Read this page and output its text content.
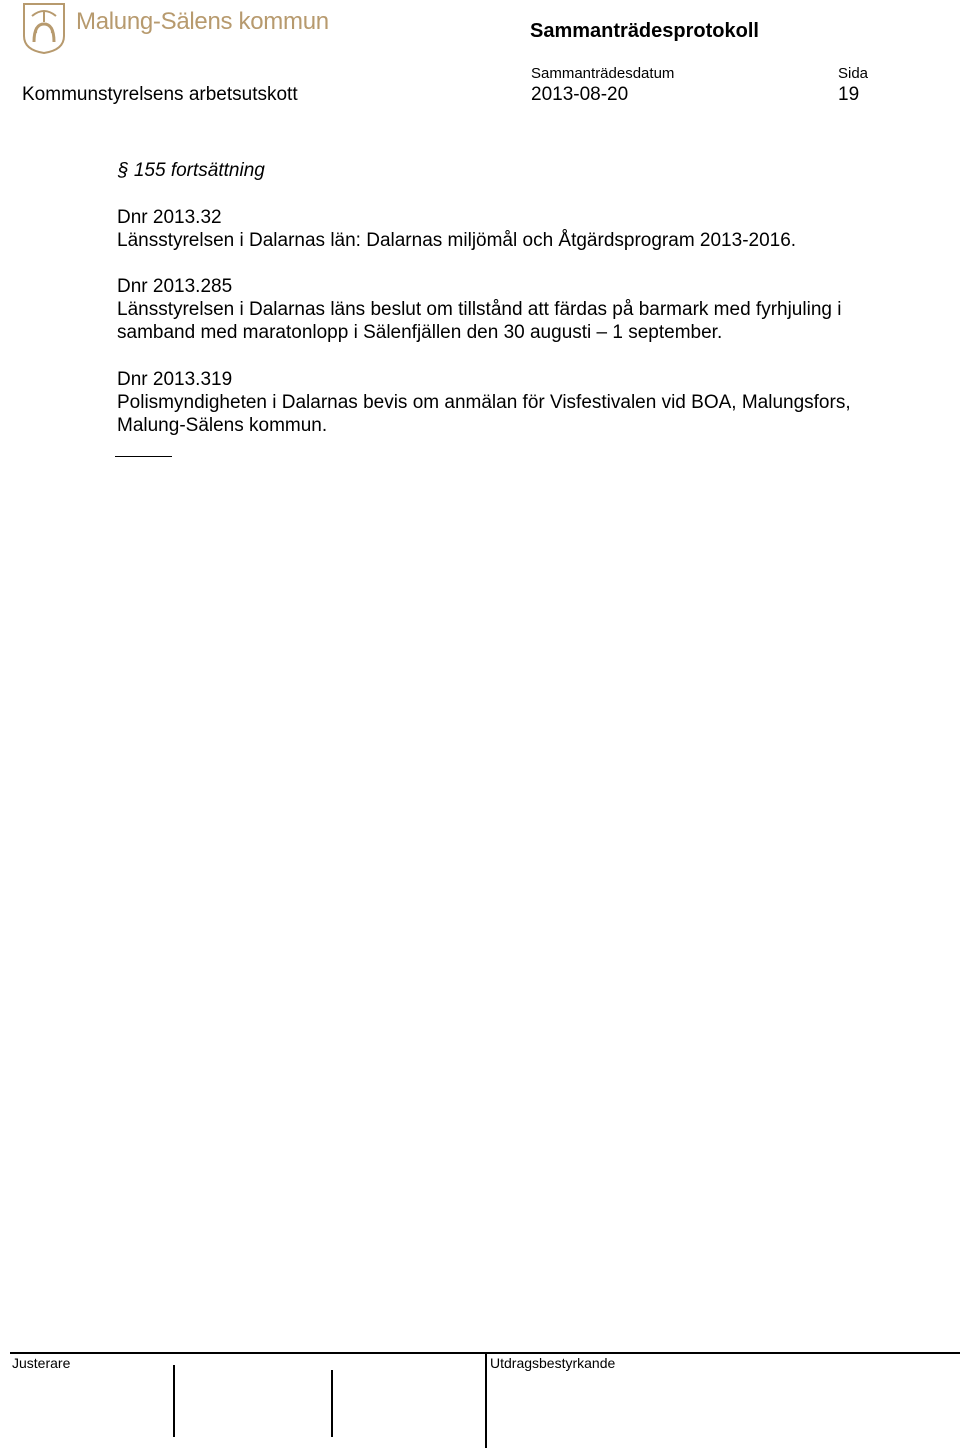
Malung-Sälens kommun	Sammanträdesprotokoll
Sammanträdesdatum	Sida
Kommunstyrelsens arbetsutskott	2013-08-20	19
§ 155 fortsättning

Dnr 2013.32

Länsstyrelsen i Dalarnas län: Dalarnas miljömål och Åtgärdsprogram 2013-2016.

Dnr 2013.285

Länsstyrelsen i Dalarnas läns beslut om tillstånd att färdas på barmark med fyrhjuling i

samband med maratonlopp i Sälenfjällen den 30 augusti – 1 september.

Dnr 2013.319

Polismyndigheten i Dalarnas bevis om anmälan för Visfestivalen vid BOA, Malungsfors,

Malung-Sälens kommun.

Justerare	Utdragsbestyrkande
